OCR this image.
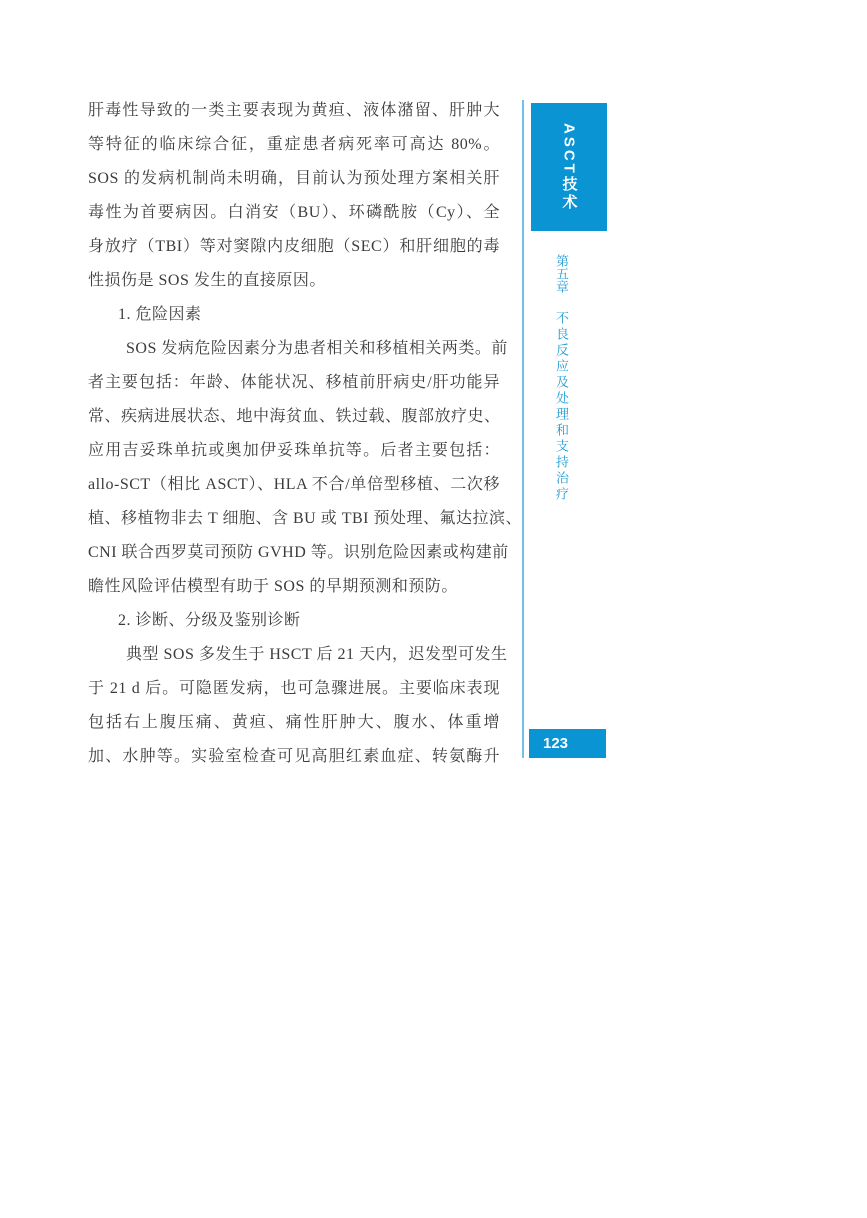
肝毒性导致的一类主要表现为黄疸、液体潴留、肝肿大
等特征的临床综合征，重症患者病死率可高达 80%。
SOS 的发病机制尚未明确，目前认为预处理方案相关肝
毒性为首要病因。白消安（BU）、环磷酰胺（Cy）、全
身放疗（TBI）等对窦隙内皮细胞（SEC）和肝细胞的毒
性损伤是 SOS 发生的直接原因。
1. 危险因素
SOS 发病危险因素分为患者相关和移植相关两类。前
者主要包括：年龄、体能状况、移植前肝病史/肝功能异
常、疾病进展状态、地中海贫血、铁过载、腹部放疗史、
应用吉妥珠单抗或奥加伊妥珠单抗等。后者主要包括：
allo-SCT（相比 ASCT）、HLA 不合/单倍型移植、二次移
植、移植物非去 T 细胞、含 BU 或 TBI 预处理、氟达拉滨、
CNI 联合西罗莫司预防 GVHD 等。识别危险因素或构建前
瞻性风险评估模型有助于 SOS 的早期预测和预防。
2. 诊断、分级及鉴别诊断
典型 SOS 多发生于 HSCT 后 21 天内，迟发型可发生
于 21 d 后。可隐匿发病，也可急骤进展。主要临床表现
包括右上腹压痛、黄疸、痛性肝肿大、腹水、体重增
加、水肿等。实验室检查可见高胆红素血症、转氨酶升
ASCT技术
第五章 不良反应及处理和支持治疗
123
